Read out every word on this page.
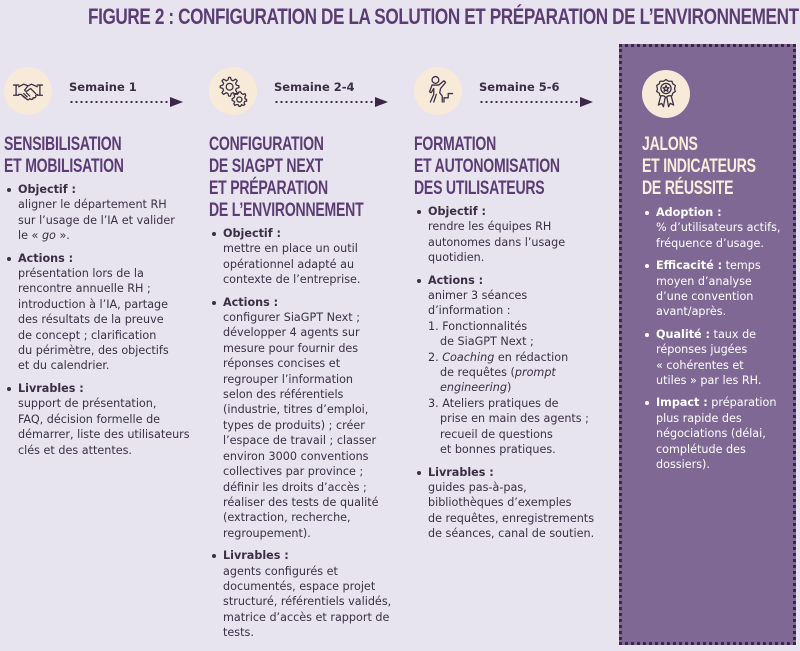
FIGURE 2 : CONFIGURATION DE LA SOLUTION ET PRÉPARATION DE L’ENVIRONNEMENT
Semaine 1
SENSIBILISATION
ET MOBILISATION
Objectif :
aligner le département RH
sur l’usage de l’IA et valider
le « go ».
Actions :
présentation lors de la
rencontre annuelle RH ;
introduction à l’IA, partage
des résultats de la preuve
de concept ; clarification
du périmètre, des objectifs
et du calendrier.
Livrables :
support de présentation,
FAQ, décision formelle de
démarrer, liste des utilisateurs
clés et des attentes.
Semaine 2-4
CONFIGURATION
DE SIAGPT NEXT
ET PRÉPARATION
DE L’ENVIRONNEMENT
Objectif :
mettre en place un outil
opérationnel adapté au
contexte de l’entreprise.
Actions :
configurer SiaGPT Next ;
développer 4 agents sur
mesure pour fournir des
réponses concises et
regrouper l’information
selon des référentiels
(industrie, titres d’emploi,
types de produits) ; créer
l’espace de travail ; classer
environ 3000 conventions
collectives par province ;
définir les droits d’accès ;
réaliser des tests de qualité
(extraction, recherche,
regroupement).
Livrables :
agents configurés et
documentés, espace projet
structuré, référentiels validés,
matrice d’accès et rapport de
tests.
Semaine 5-6
FORMATION
ET AUTONOMISATION
DES UTILISATEURS
Objectif :
rendre les équipes RH
autonomes dans l’usage
quotidien.
Actions :
animer 3 séances
d’information :
1. Fonctionnalités
de SiaGPT Next ;
2. Coaching en rédaction
de requêtes (prompt
engineering)
3. Ateliers pratiques de
prise en main des agents ;
recueil de questions
et bonnes pratiques.
Livrables :
guides pas-à-pas,
bibliothèques d’exemples
de requêtes, enregistrements
de séances, canal de soutien.
JALONS
ET INDICATEURS
DE RÉUSSITE
Adoption :
% d’utilisateurs actifs,
fréquence d’usage.
Efficacité : temps
moyen d’analyse
d’une convention
avant/après.
Qualité : taux de
réponses jugées
« cohérentes et
utiles » par les RH.
Impact : préparation
plus rapide des
négociations (délai,
complétude des
dossiers).
